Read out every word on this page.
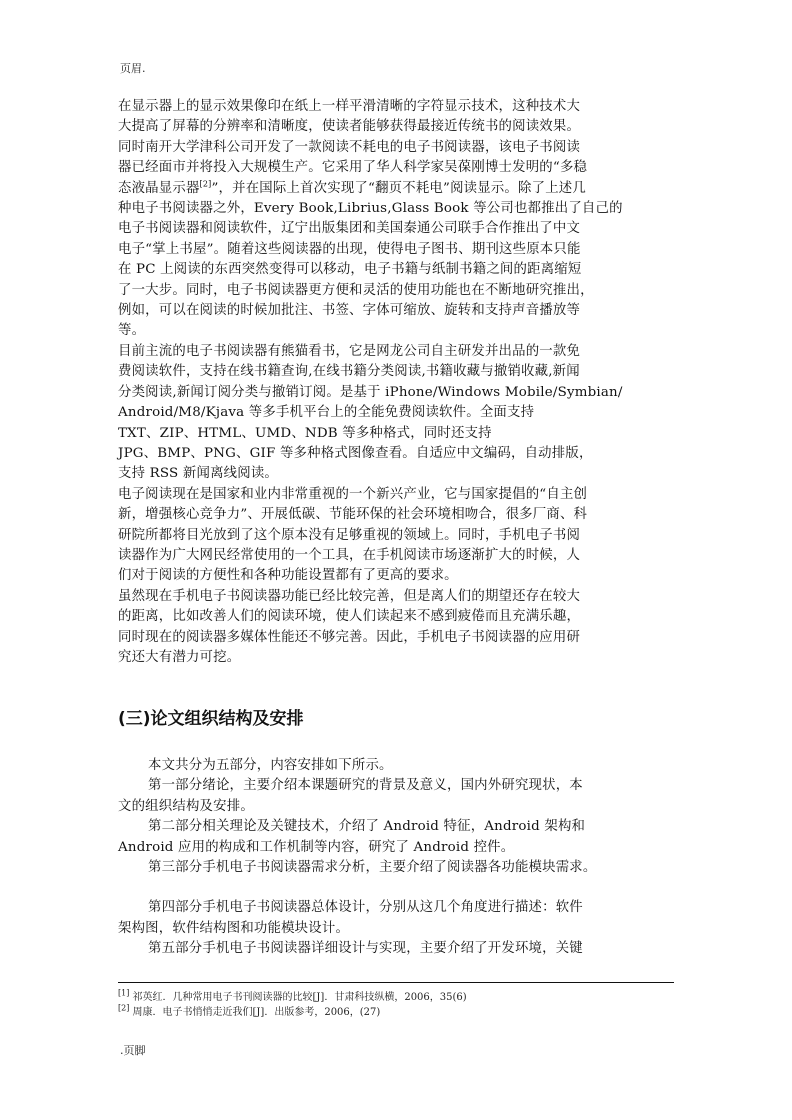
页眉.

在显示器上的显示效果像印在纸上一样平滑清晰的字符显示技术，这种技术大
大提高了屏幕的分辨率和清晰度，使读者能够获得最接近传统书的阅读效果。
同时南开大学津科公司开发了一款阅读不耗电的电子书阅读器，该电子书阅读
器已经面市并将投入大规模生产。它采用了华人科学家吴葆刚博士发明的“多稳
态液晶显示器[2]”，并在国际上首次实现了“翻页不耗电”阅读显示。除了上述几
种电子书阅读器之外，Every Book,Librius,Glass Book 等公司也都推出了自己的
电子书阅读器和阅读软件，辽宁出版集团和美国秦通公司联手合作推出了中文
电子“掌上书屋”。随着这些阅读器的出现，使得电子图书、期刊这些原本只能
在 PC 上阅读的东西突然变得可以移动，电子书籍与纸制书籍之间的距离缩短
了一大步。同时，电子书阅读器更方便和灵活的使用功能也在不断地研究推出，
例如，可以在阅读的时候加批注、书签、字体可缩放、旋转和支持声音播放等
等。

目前主流的电子书阅读器有熊猫看书，它是网龙公司自主研发并出品的一款免
费阅读软件，支持在线书籍查询,在线书籍分类阅读,书籍收藏与撤销收藏,新闻
分类阅读,新闻订阅分类与撤销订阅。是基于 iPhone/Windows Mobile/Symbian/
Android/M8/Kjava 等多手机平台上的全能免费阅读软件。全面支持
TXT、ZIP、HTML、UMD、NDB 等多种格式，同时还支持
JPG、BMP、PNG、GIF 等多种格式图像查看。自适应中文编码，自动排版，
支持 RSS 新闻离线阅读。

电子阅读现在是国家和业内非常重视的一个新兴产业，它与国家提倡的“自主创
新，增强核心竞争力”、开展低碳、节能环保的社会环境相吻合，很多厂商、科
研院所都将目光放到了这个原本没有足够重视的领域上。同时，手机电子书阅
读器作为广大网民经常使用的一个工具，在手机阅读市场逐渐扩大的时候，人
们对于阅读的方便性和各种功能设置都有了更高的要求。

虽然现在手机电子书阅读器功能已经比较完善，但是离人们的期望还存在较大
的距离，比如改善人们的阅读环境，使人们读起来不感到疲倦而且充满乐趣，
同时现在的阅读器多媒体性能还不够完善。因此，手机电子书阅读器的应用研
究还大有潜力可挖。

(三)论文组织结构及安排

本文共分为五部分，内容安排如下所示。

第一部分绪论，主要介绍本课题研究的背景及意义，国内外研究现状，本
文的组织结构及安排。

第二部分相关理论及关键技术，介绍了 Android 特征，Android 架构和
Android 应用的构成和工作机制等内容，研究了 Android 控件。

第三部分手机电子书阅读器需求分析，主要介绍了阅读器各功能模块需求。

第四部分手机电子书阅读器总体设计，分别从这几个角度进行描述：软件
架构图，软件结构图和功能模块设计。

第五部分手机电子书阅读器详细设计与实现，主要介绍了开发环境，关键

[1] 祁英红．几种常用电子书刊阅读器的比较[J]．甘肃科技纵横，2006，35(6)
[2] 周康．电子书悄悄走近我们[J]．出版参考，2006，(27)
.页脚
